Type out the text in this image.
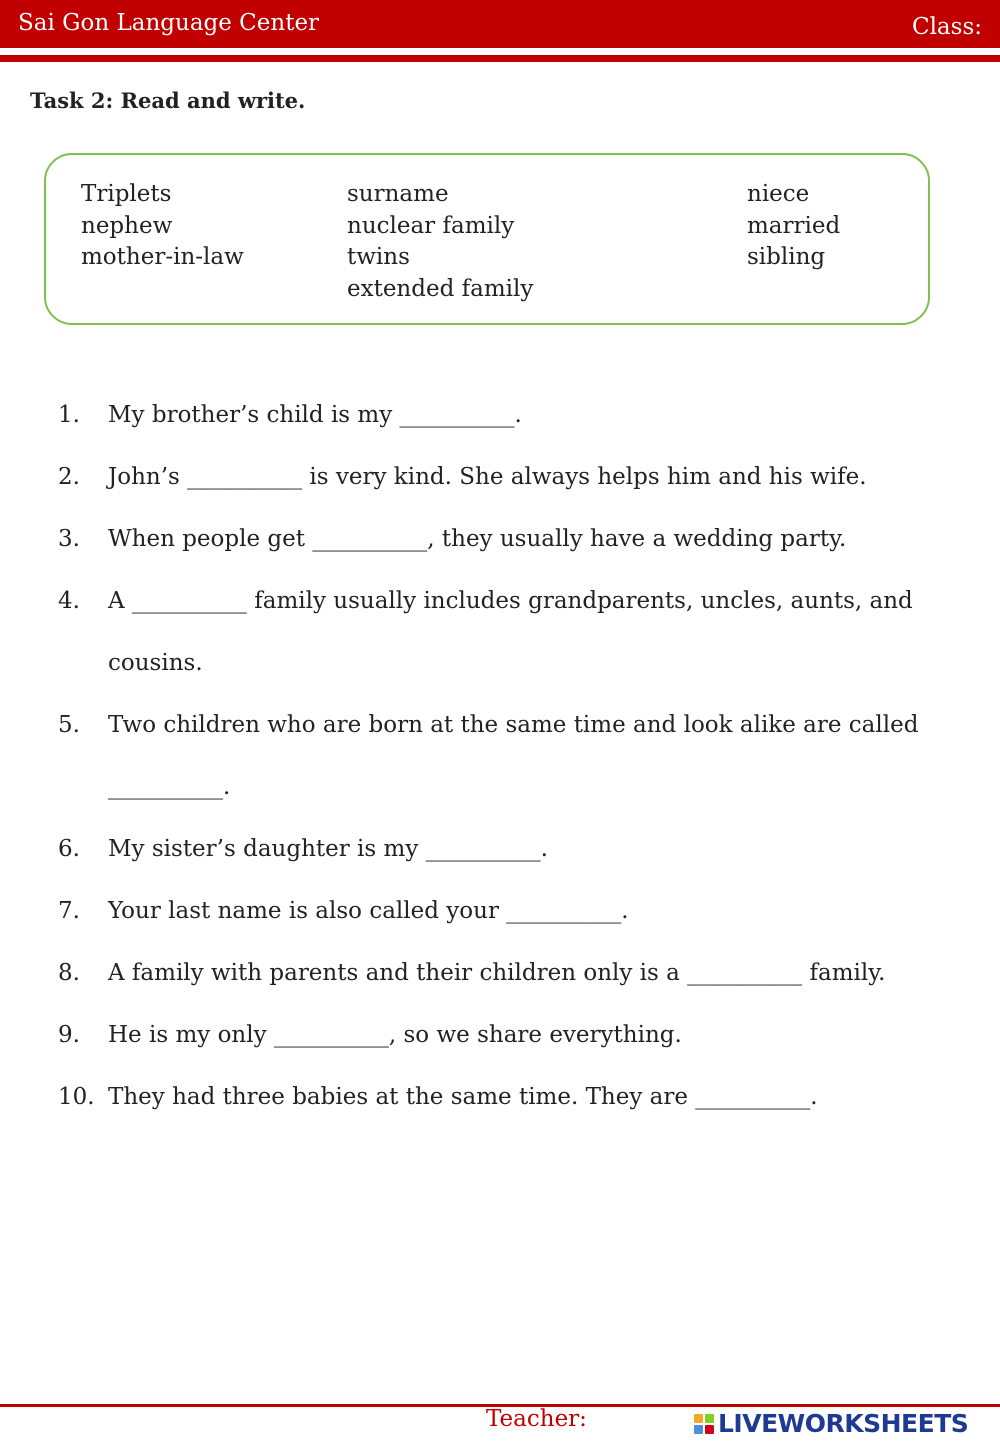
Sai Gon Language Center	Class:
Task 2: Read and write.
Triplets
nephew
mother-in-law
surname
nuclear family
twins
extended family
niece
married
sibling
1. My brother’s child is my __________.
2. John’s __________ is very kind. She always helps him and his wife.
3. When people get __________, they usually have a wedding party.
4. A __________ family usually includes grandparents, uncles, aunts, and cousins.
5. Two children who are born at the same time and look alike are called __________.
6. My sister’s daughter is my __________.
7. Your last name is also called your __________.
8. A family with parents and their children only is a __________ family.
9. He is my only __________, so we share everything.
10. They had three babies at the same time. They are __________.
Teacher:	LIVEWORKSHEETS
